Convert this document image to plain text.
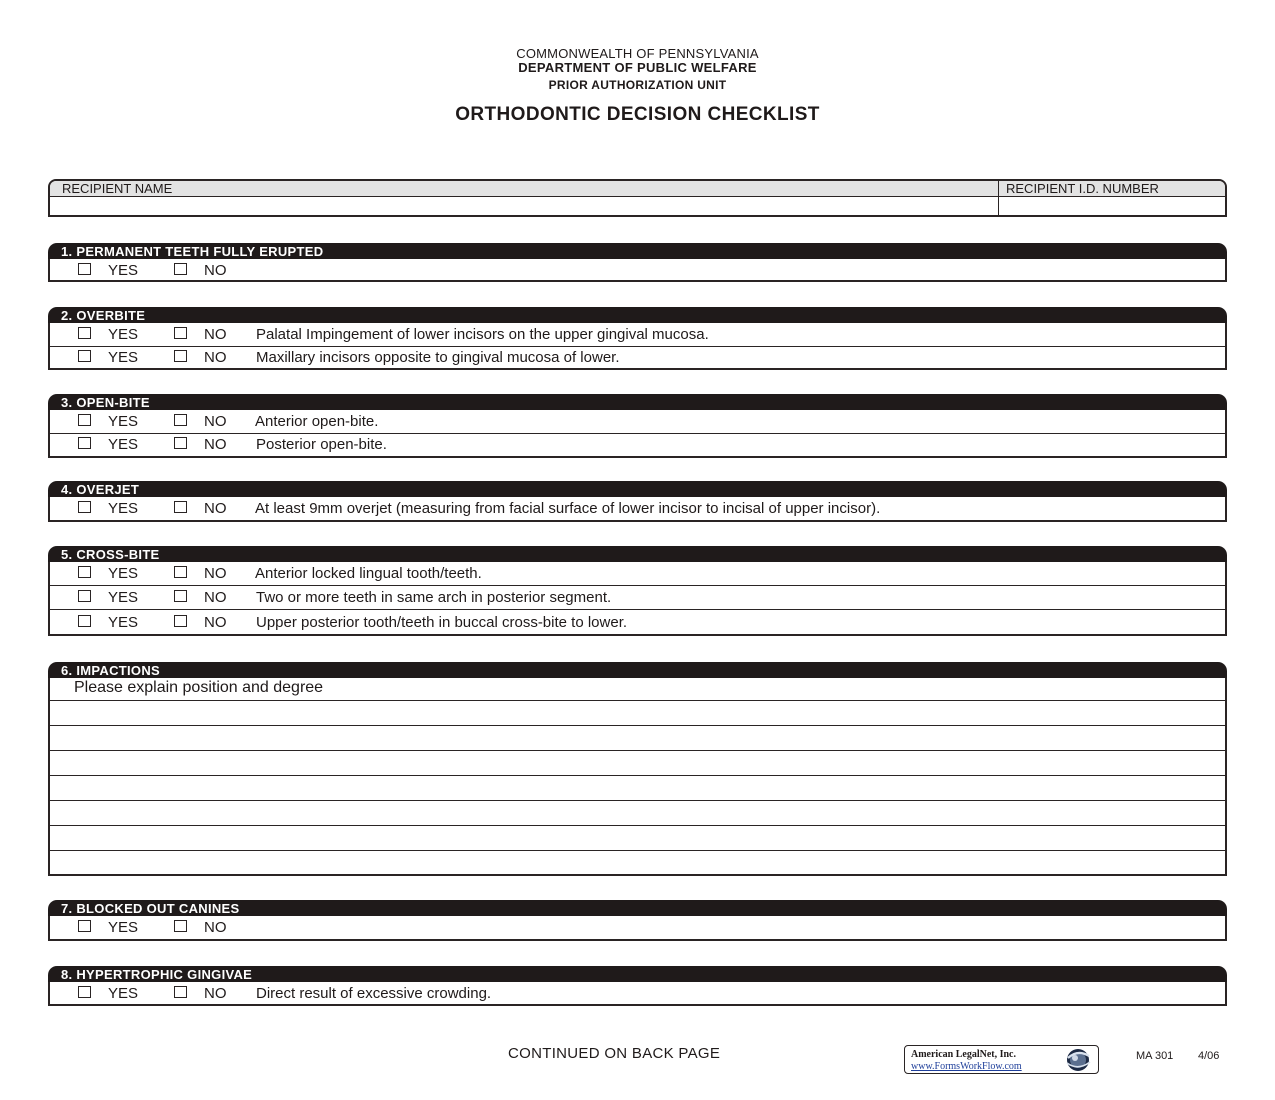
COMMONWEALTH OF PENNSYLVANIA
DEPARTMENT OF PUBLIC WELFARE
PRIOR AUTHORIZATION UNIT
ORTHODONTIC DECISION CHECKLIST
RECIPIENT NAME	RECIPIENT I.D. NUMBER
1. PERMANENT TEETH FULLY ERUPTED
YES	NO
2. OVERBITE
YES	NO Palatal Impingement of lower incisors on the upper gingival mucosa.
YES	NO Maxillary incisors opposite to gingival mucosa of lower.
3. OPEN-BITE
YES	NO Anterior open-bite.
YES	NO Posterior open-bite.
4. OVERJET
YES	NO At least 9mm overjet (measuring from facial surface of lower incisor to incisal of upper incisor).
5. CROSS-BITE
YES	NO Anterior locked lingual tooth/teeth.
YES	NO Two or more teeth in same arch in posterior segment.
YES	NO Upper posterior tooth/teeth in buccal cross-bite to lower.
6. IMPACTIONS
Please explain position and degree
7. BLOCKED OUT CANINES
YES	NO
8. HYPERTROPHIC GINGIVAE
YES	NO Direct result of excessive crowding.
CONTINUED ON BACK PAGE	American LegalNet, Inc.
www.FormsWorkFlow.com
MA 301 4/06
